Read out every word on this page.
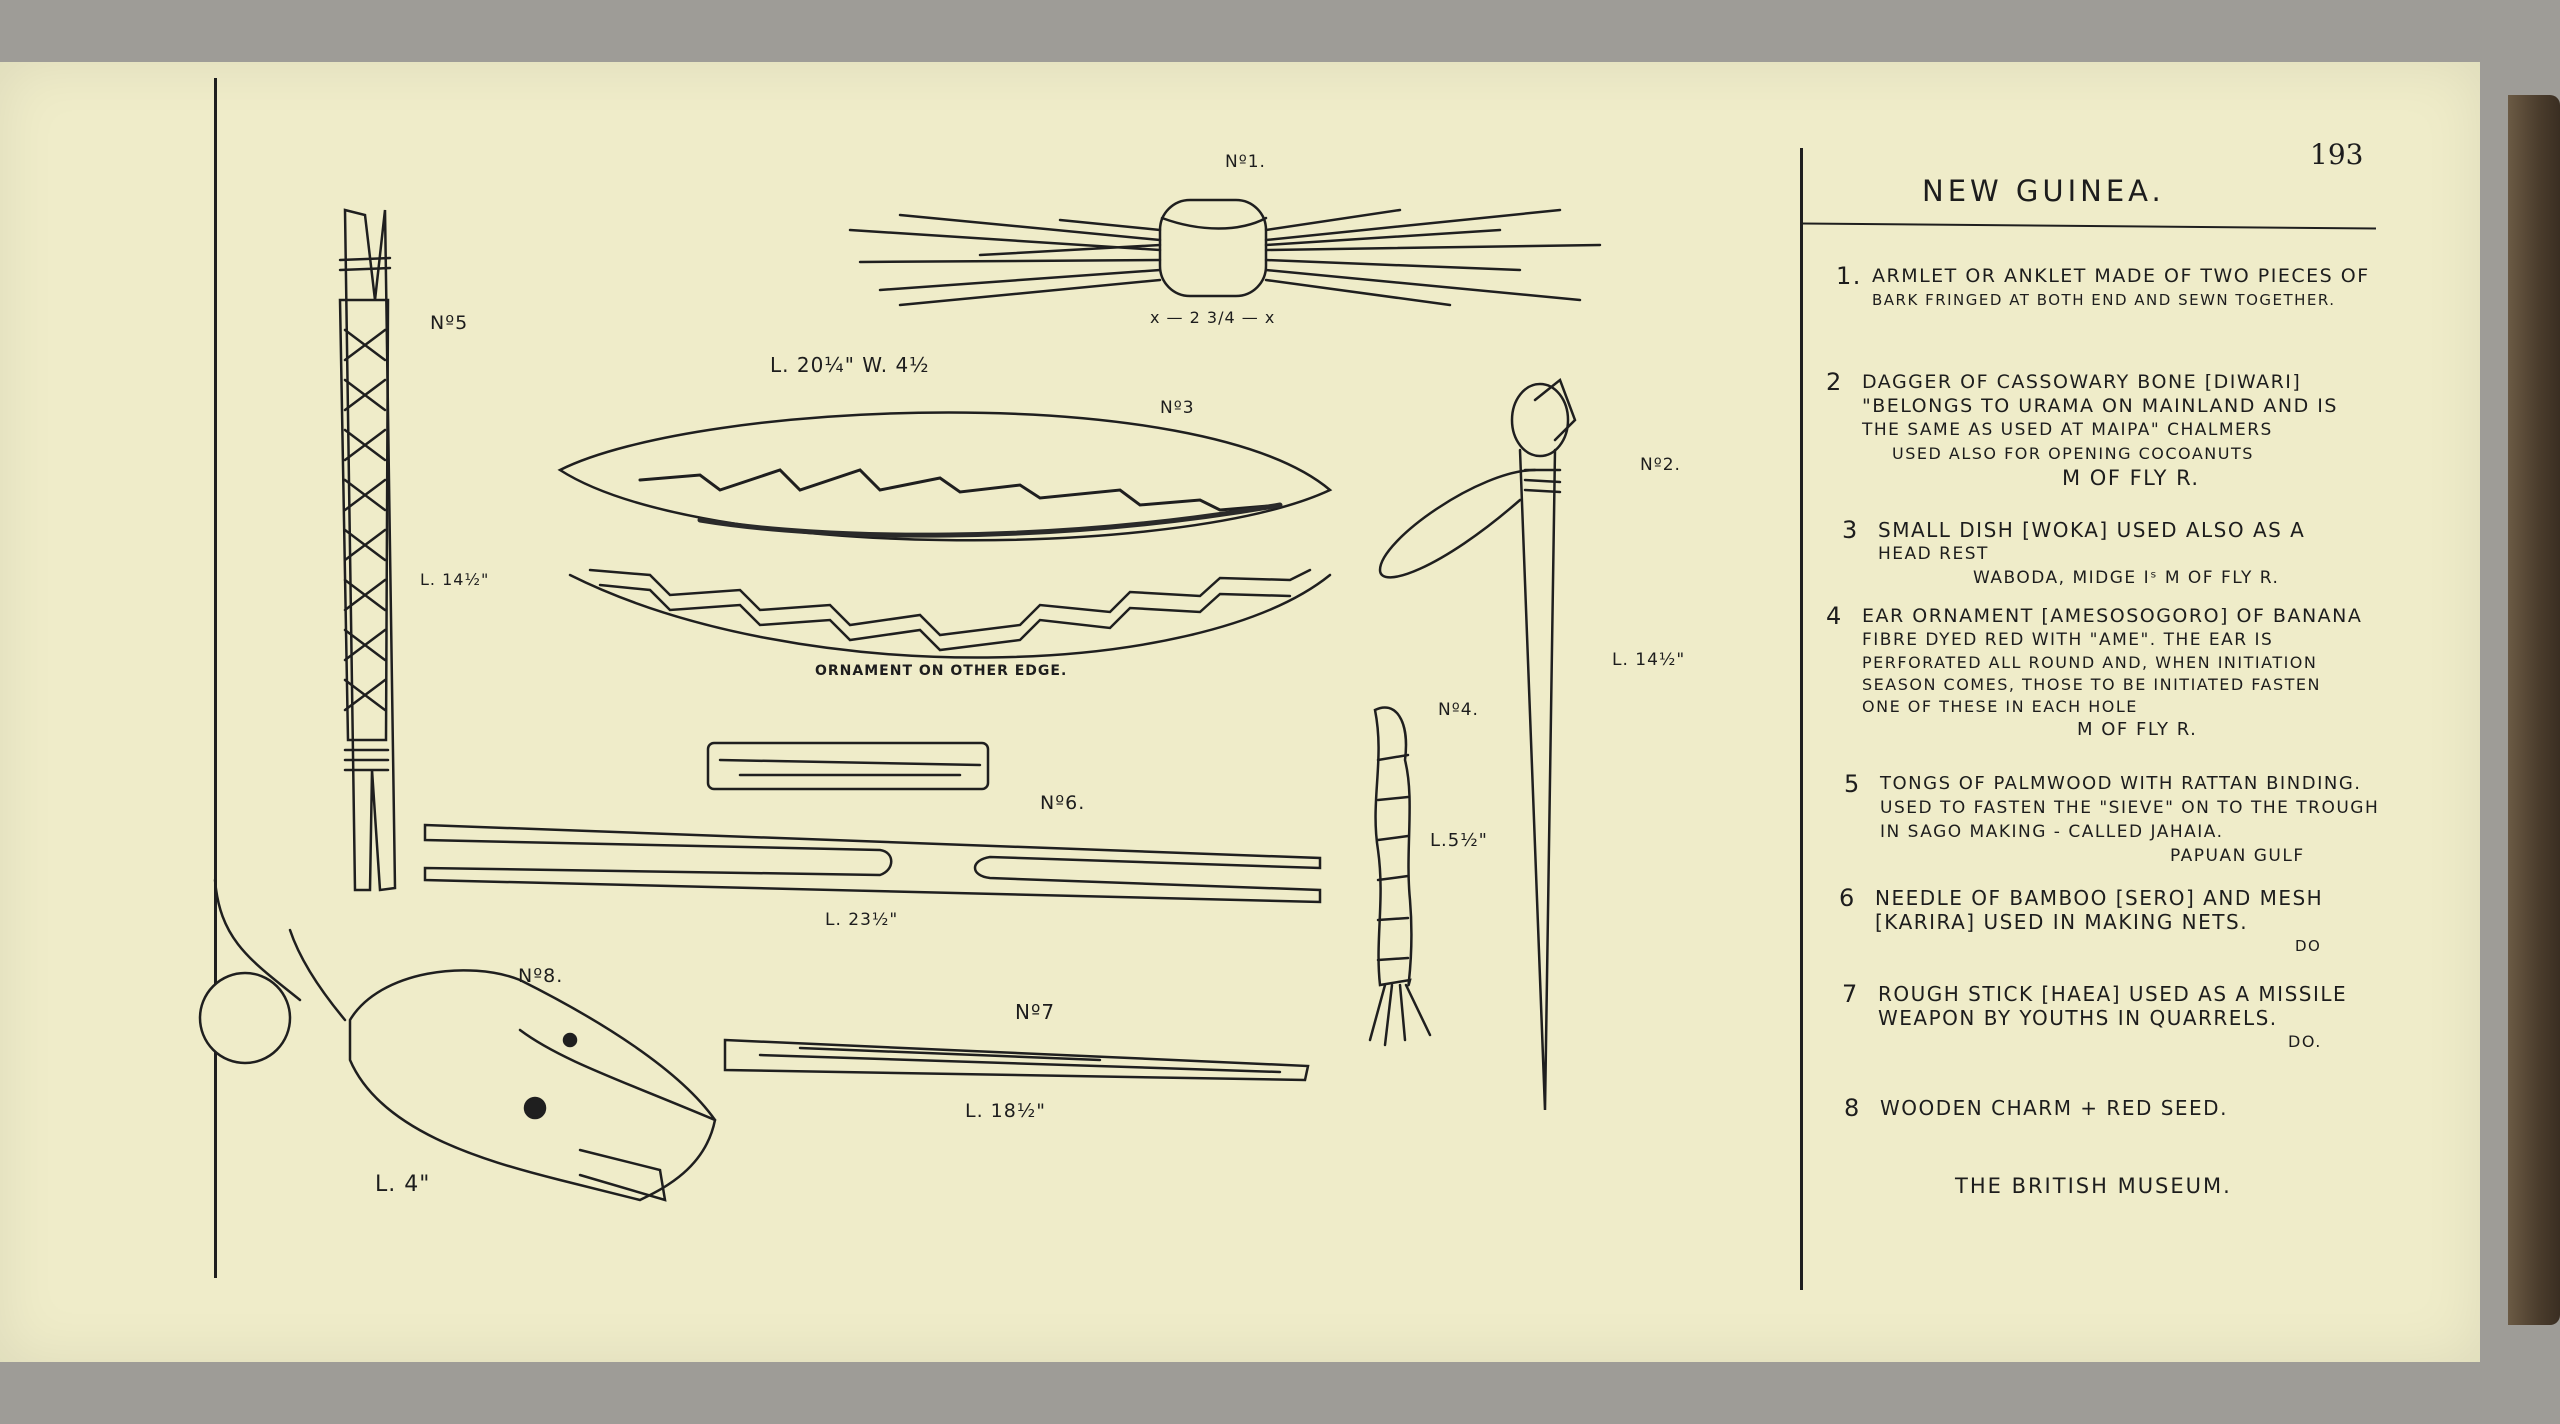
Nº1.
x — 2 3/4 — x
Nº3
L. 20¼" W. 4½
ORNAMENT ON OTHER EDGE.
Nº5
L. 14½"
Nº2.
L. 14½"
Nº4.
L.5½"
Nº6.
L. 23½"
Nº7
L. 18½"
Nº8.
L. 4"
193
NEW GUINEA.
1. ARMLET OR ANKLET MADE OF TWO PIECES OF
BARK FRINGED AT BOTH END AND SEWN TOGETHER.
2 DAGGER OF CASSOWARY BONE [DIWARI]
"BELONGS TO URAMA ON MAINLAND AND IS
THE SAME AS USED AT MAIPA" CHALMERS
USED ALSO FOR OPENING COCOANUTS
M OF FLY R.
3 SMALL DISH [WOKA] USED ALSO AS A
HEAD REST
WABODA, MIDGE Iˢ M OF FLY R.
4 EAR ORNAMENT [AMESOSOGORO] OF BANANA
FIBRE DYED RED WITH "AME". THE EAR IS
PERFORATED ALL ROUND AND, WHEN INITIATION
SEASON COMES, THOSE TO BE INITIATED FASTEN
ONE OF THESE IN EACH HOLE
M OF FLY R.
5 TONGS OF PALMWOOD WITH RATTAN BINDING.
USED TO FASTEN THE "SIEVE" ON TO THE TROUGH
IN SAGO MAKING - CALLED JAHAIA.
PAPUAN GULF
6 NEEDLE OF BAMBOO [SERO] AND MESH
[KARIRA] USED IN MAKING NETS.
DO
7 ROUGH STICK [HAEA] USED AS A MISSILE
WEAPON BY YOUTHS IN QUARRELS.
DO.
8 WOODEN CHARM + RED SEED.
THE BRITISH MUSEUM.
